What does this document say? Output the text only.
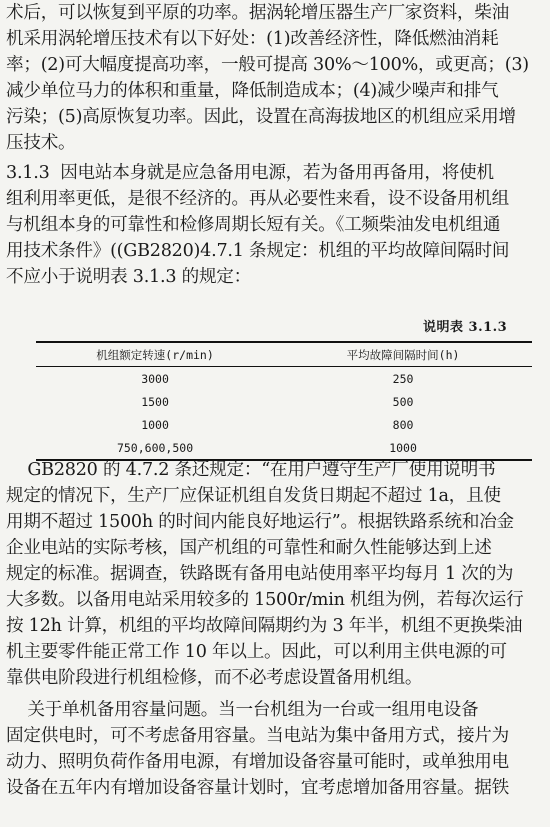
术后，可以恢复到平原的功率。据涡轮增压器生产厂家资料，柴油
机采用涡轮增压技术有以下好处：(1)改善经济性，降低燃油消耗
率；(2)可大幅度提高功率，一般可提高 30%～100%，或更高；(3)
减少单位马力的体积和重量，降低制造成本；(4)减少噪声和排气
污染；(5)高原恢复功率。因此，设置在高海拔地区的机组应采用增
压技术。

3.1.3  因电站本身就是应急备用电源，若为备用再备用，将使机
组利用率更低，是很不经济的。再从必要性来看，设不设备用机组
与机组本身的可靠性和检修周期长短有关。《工频柴油发电机组通
用技术条件》((GB2820)4.7.1 条规定：机组的平均故障间隔时间
不应小于说明表 3.1.3 的规定：

说明表 3.1.3
机组额定转速(r/min)	平均故障间隔时间(h)
3000	250
1500	500
1000	800
750,600,500	1000

GB2820 的 4.7.2 条还规定：“在用户遵守生产厂使用说明书
规定的情况下，生产厂应保证机组自发货日期起不超过 1a，且使
用期不超过 1500h 的时间内能良好地运行”。根据铁路系统和冶金
企业电站的实际考核，国产机组的可靠性和耐久性能够达到上述
规定的标准。据调查，铁路既有备用电站使用率平均每月 1 次的为
大多数。以备用电站采用较多的 1500r/min 机组为例，若每次运行
按 12h 计算，机组的平均故障间隔期约为 3 年半，机组不更换柴油
机主要零件能正常工作 10 年以上。因此，可以利用主供电源的可
靠供电阶段进行机组检修，而不必考虑设置备用机组。

关于单机备用容量问题。当一台机组为一台或一组用电设备
固定供电时，可不考虑备用容量。当电站为集中备用方式，接片为
动力、照明负荷作备用电源，有增加设备容量可能时，或单独用电
设备在五年内有增加设备容量计划时，宜考虑增加备用容量。据铁
